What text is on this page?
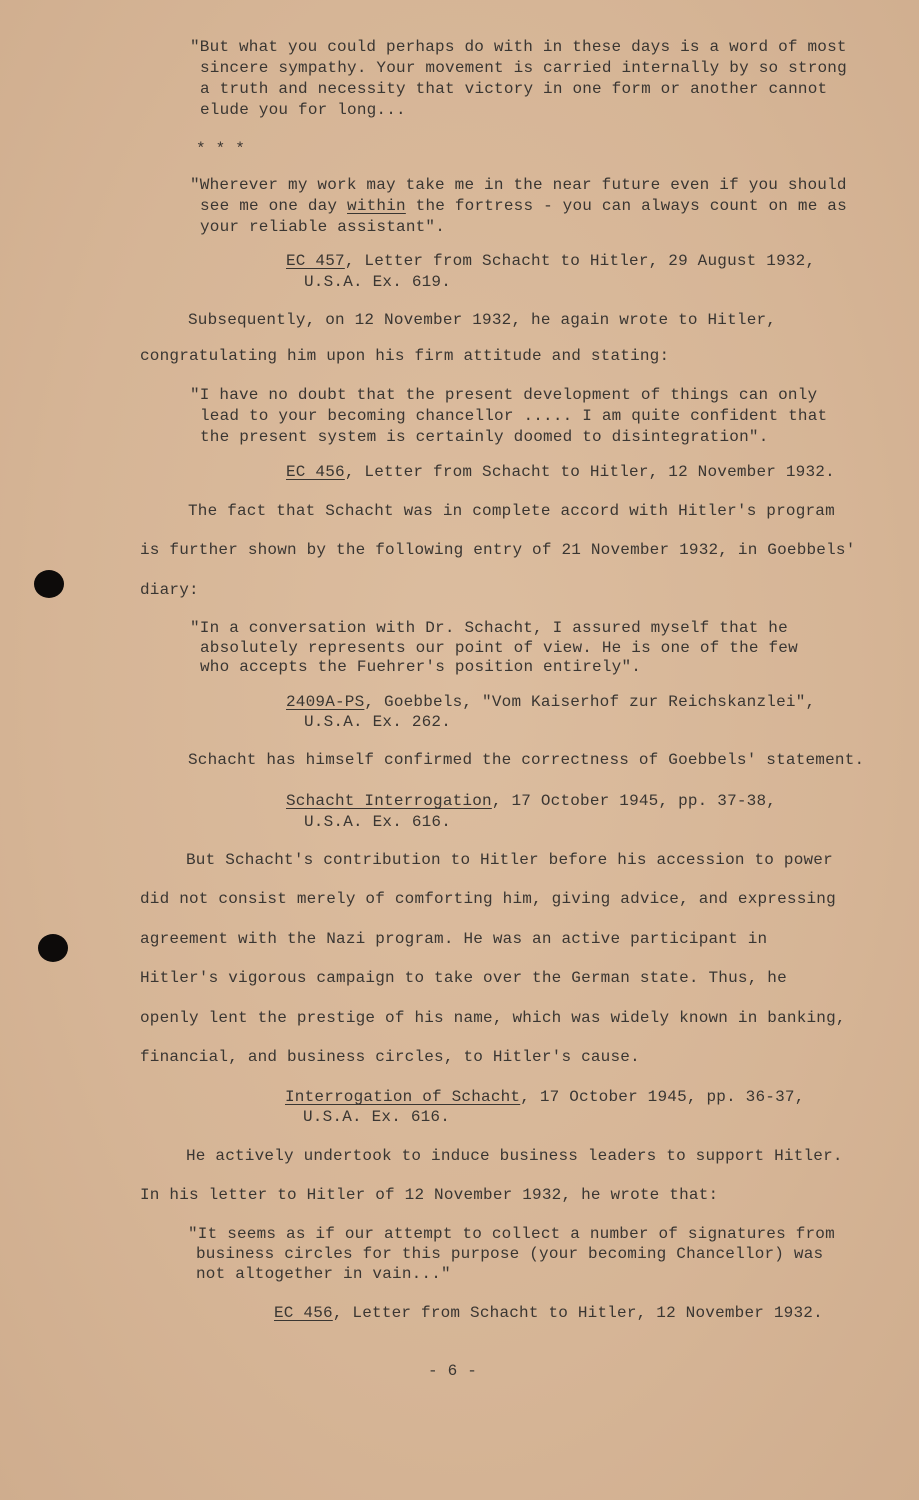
"But what you could perhaps do with in these days is a word of most
sincere sympathy. Your movement is carried internally by so strong
a truth and necessity that victory in one form or another cannot
elude you for long...
* * *
"Wherever my work may take me in the near future even if you should
see me one day within the fortress - you can always count on me as
your reliable assistant".
EC 457, Letter from Schacht to Hitler, 29 August 1932,
U.S.A. Ex. 619.
Subsequently, on 12 November 1932, he again wrote to Hitler,
congratulating him upon his firm attitude and stating:
"I have no doubt that the present development of things can only
lead to your becoming chancellor ..... I am quite confident that
the present system is certainly doomed to disintegration".
EC 456, Letter from Schacht to Hitler, 12 November 1932.
The fact that Schacht was in complete accord with Hitler's program
is further shown by the following entry of 21 November 1932, in Goebbels'
diary:
"In a conversation with Dr. Schacht, I assured myself that he
absolutely represents our point of view. He is one of the few
who accepts the Fuehrer's position entirely".
2409A-PS, Goebbels, "Vom Kaiserhof zur Reichskanzlei",
U.S.A. Ex. 262.
Schacht has himself confirmed the correctness of Goebbels' statement.
Schacht Interrogation, 17 October 1945, pp. 37-38,
U.S.A. Ex. 616.
But Schacht's contribution to Hitler before his accession to power
did not consist merely of comforting him, giving advice, and expressing
agreement with the Nazi program. He was an active participant in
Hitler's vigorous campaign to take over the German state. Thus, he
openly lent the prestige of his name, which was widely known in banking,
financial, and business circles, to Hitler's cause.
Interrogation of Schacht, 17 October 1945, pp. 36-37,
U.S.A. Ex. 616.
He actively undertook to induce business leaders to support Hitler.
In his letter to Hitler of 12 November 1932, he wrote that:
"It seems as if our attempt to collect a number of signatures from
business circles for this purpose (your becoming Chancellor) was
not altogether in vain..."
EC 456, Letter from Schacht to Hitler, 12 November 1932.
- 6 -
